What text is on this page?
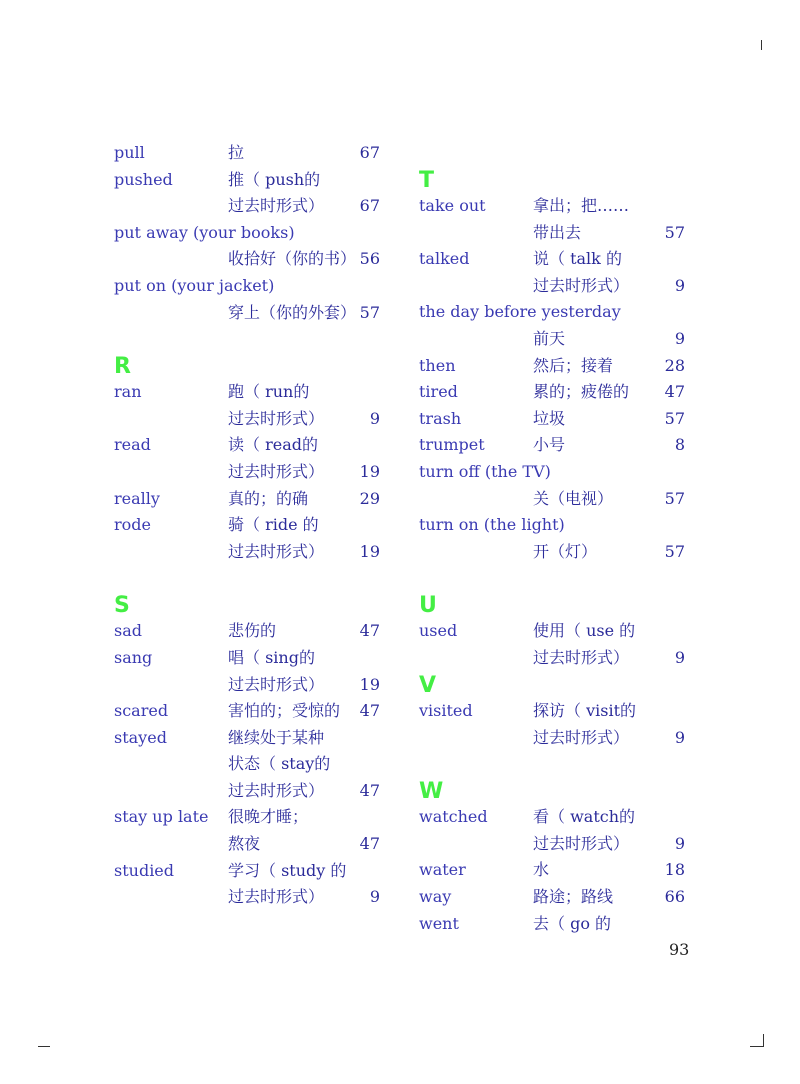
pull	拉	67
pushed	推（ push的
过去时形式） 67
put away (your books)
收拾好（你的书） 56
put on (your jacket)
穿上（你的外套） 57
R
ran	跑（ run的
过去时形式）	9
read	读（ read的
过去时形式） 19
really	真的；的确	29
rode	骑（ ride 的
过去时形式） 19
S
sad	悲伤的	47
sang	唱（ sing的
过去时形式） 19
scared	害怕的；受惊的 47
stayed	继续处于某种
状态（ stay的
过去时形式） 47
stay up late 很晚才睡；
熬夜	47
studied	学习（ study 的
过去时形式）	9
T
take out	拿出；把……
带出去	57
talked	说（ talk 的
过去时形式）	9
the day before yesterday
前天	9
then	然后；接着	28
tired	累的；疲倦的 47
trash	垃圾	57
trumpet	小号	8
turn off (the TV)
关（电视）	57
turn on (the light)
开（灯）	57
U
used	使用（ use 的
过去时形式）	9
V
visited	探访（ visit的
过去时形式）	9
W
watched	看（ watch的
过去时形式）	9
water	水	18
way	路途；路线	66
went	去（ go 的
93
